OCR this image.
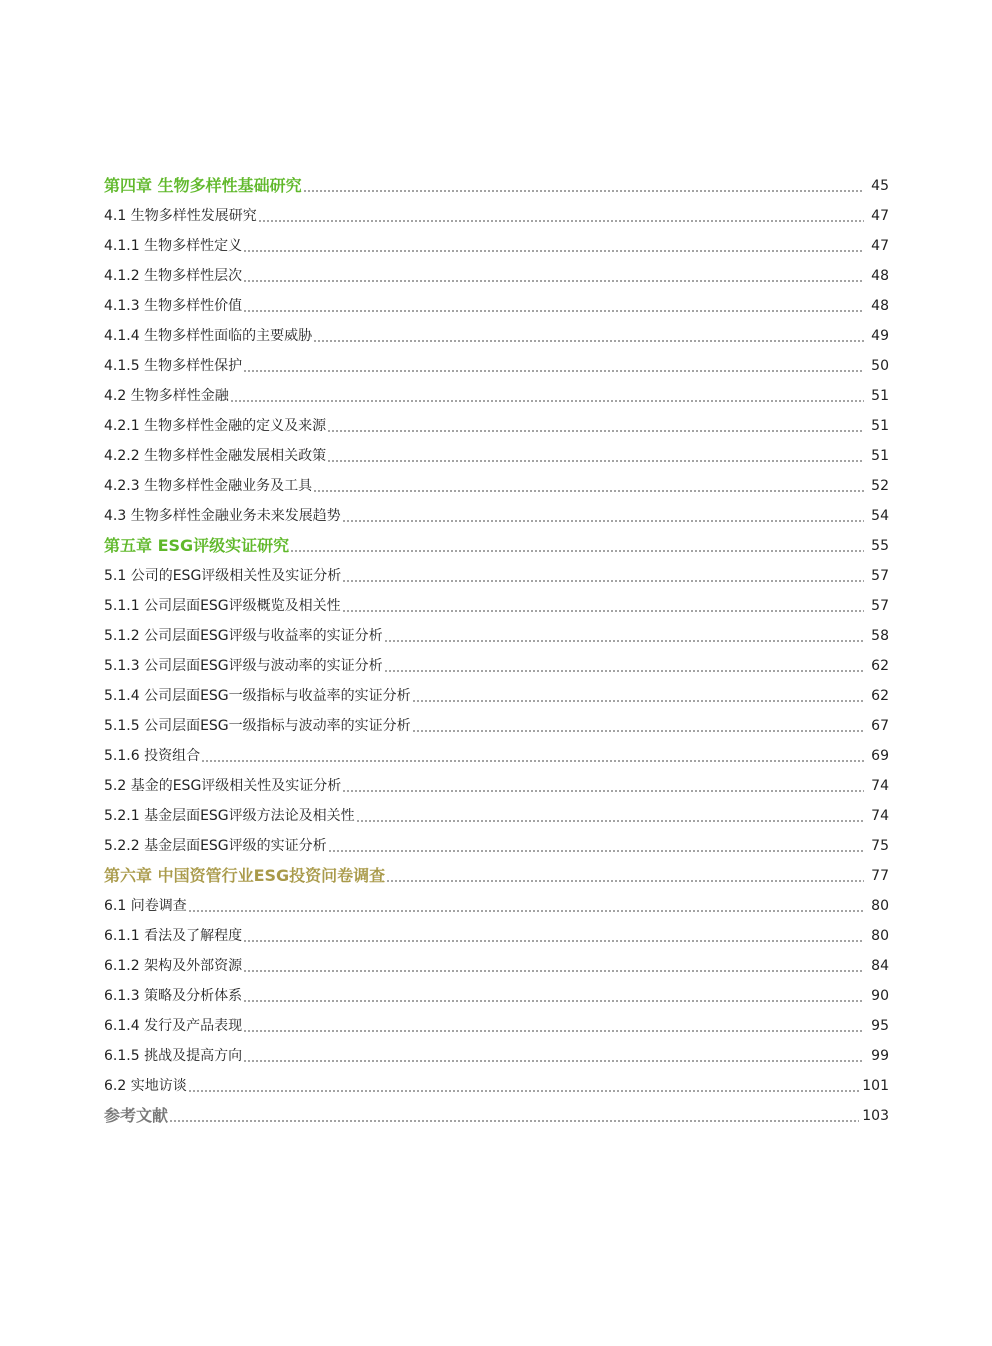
第四章 生物多样性基础研究	45
4.1 生物多样性发展研究	47
4.1.1 生物多样性定义	47
4.1.2 生物多样性层次	48
4.1.3 生物多样性价值	48
4.1.4 生物多样性面临的主要威胁	49
4.1.5 生物多样性保护	50
4.2 生物多样性金融	51
4.2.1 生物多样性金融的定义及来源	51
4.2.2 生物多样性金融发展相关政策	51
4.2.3 生物多样性金融业务及工具	52
4.3 生物多样性金融业务未来发展趋势	54
第五章 ESG评级实证研究	55
5.1 公司的ESG评级相关性及实证分析	57
5.1.1 公司层面ESG评级概览及相关性	57
5.1.2 公司层面ESG评级与收益率的实证分析	58
5.1.3 公司层面ESG评级与波动率的实证分析	62
5.1.4 公司层面ESG一级指标与收益率的实证分析	62
5.1.5 公司层面ESG一级指标与波动率的实证分析	67
5.1.6 投资组合	69
5.2 基金的ESG评级相关性及实证分析	74
5.2.1 基金层面ESG评级方法论及相关性	74
5.2.2 基金层面ESG评级的实证分析	75
第六章 中国资管行业ESG投资问卷调查	77
6.1 问卷调查	80
6.1.1 看法及了解程度	80
6.1.2 架构及外部资源	84
6.1.3 策略及分析体系	90
6.1.4 发行及产品表现	95
6.1.5 挑战及提高方向	99
6.2 实地访谈	101
参考文献	103
